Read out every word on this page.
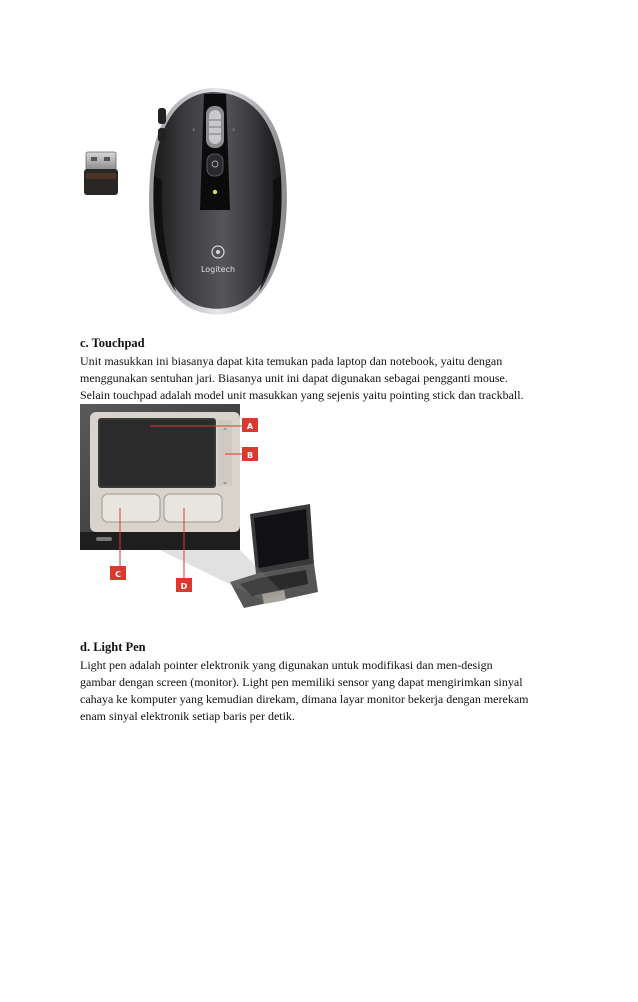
‹	›
Logitech
c. Touchpad
Unit masukkan ini biasanya dapat kita temukan pada laptop dan notebook, yaitu dengan
menggunakan sentuhan jari. Biasanya unit ini dapat digunakan sebagai pengganti mouse.
Selain touchpad adalah model unit masukkan yang sejenis yaitu pointing stick dan trackball.
⌃
⌄
A
B
C
D
d. Light Pen
Light pen adalah pointer elektronik yang digunakan untuk modifikasi dan men-design
gambar dengan screen (monitor). Light pen memiliki sensor yang dapat mengirimkan sinyal
cahaya ke komputer yang kemudian direkam, dimana layar monitor bekerja dengan merekam
enam sinyal elektronik setiap baris per detik.
